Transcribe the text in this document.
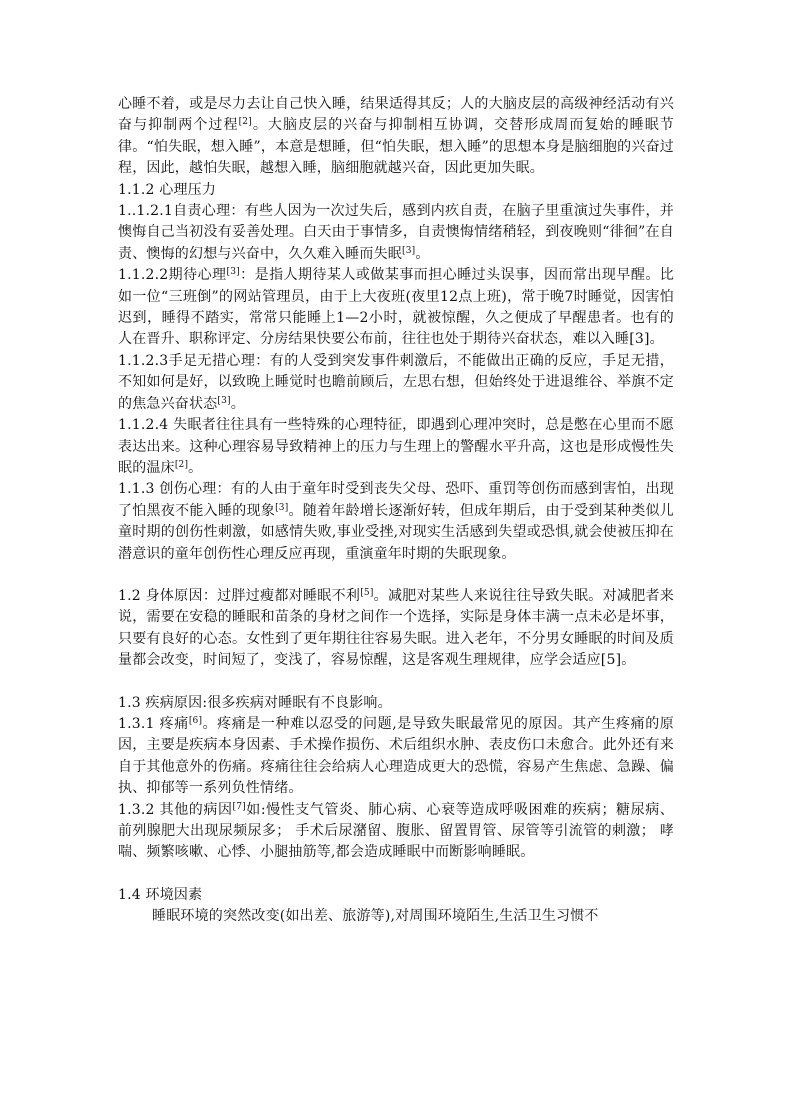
心睡不着，或是尽力去让自己快入睡，结果适得其反；人的大脑皮层的高级神经活动有兴奋与抑制两个过程[2]。大脑皮层的兴奋与抑制相互协调，交替形成周而复始的睡眠节律。“怕失眠，想入睡”，本意是想睡，但“怕失眠，想入睡”的思想本身是脑细胞的兴奋过程，因此，越怕失眠，越想入睡，脑细胞就越兴奋，因此更加失眠。

1.1.2 心理压力

1..1.2.1自责心理：有些人因为一次过失后，感到内疚自责，在脑子里重演过失事件，并懊悔自己当初没有妥善处理。白天由于事情多，自责懊悔情绪稍轻，到夜晚则“徘徊”在自责、懊悔的幻想与兴奋中，久久难入睡而失眠[3]。

1.1.2.2期待心理[3]：是指人期待某人或做某事而担心睡过头误事，因而常出现早醒。比如一位“三班倒”的网站管理员，由于上大夜班(夜里12点上班)，常于晚7时睡觉，因害怕迟到，睡得不踏实，常常只能睡上1—2小时，就被惊醒，久之便成了早醒患者。也有的人在晋升、职称评定、分房结果快要公布前，往往也处于期待兴奋状态，难以入睡[3]。

1.1.2.3手足无措心理：有的人受到突发事件刺激后，不能做出正确的反应，手足无措，不知如何是好，以致晚上睡觉时也瞻前顾后，左思右想，但始终处于进退维谷、举旗不定的焦急兴奋状态[3]。

1.1.2.4 失眠者往往具有一些特殊的心理特征，即遇到心理冲突时，总是憋在心里而不愿表达出来。这种心理容易导致精神上的压力与生理上的警醒水平升高，这也是形成慢性失眠的温床[2]。

1.1.3 创伤心理：有的人由于童年时受到丧失父母、恐吓、重罚等创伤而感到害怕，出现了怕黑夜不能入睡的现象[3]。随着年龄增长逐渐好转，但成年期后，由于受到某种类似儿童时期的创伤性刺激，如感情失败,事业受挫,对现实生活感到失望或恐惧,就会使被压抑在潜意识的童年创伤性心理反应再现，重演童年时期的失眠现象。

1.2 身体原因：过胖过瘦都对睡眠不利[5]。减肥对某些人来说往往导致失眠。对减肥者来说，需要在安稳的睡眠和苗条的身材之间作一个选择，实际是身体丰满一点未必是坏事，只要有良好的心态。女性到了更年期往往容易失眠。进入老年，不分男女睡眠的时间及质量都会改变，时间短了，变浅了，容易惊醒，这是客观生理规律，应学会适应[5]。

1.3 疾病原因:很多疾病对睡眠有不良影响。

1.3.1 疼痛[6]。疼痛是一种难以忍受的问题,是导致失眠最常见的原因。其产生疼痛的原因，主要是疾病本身因素、手术操作损伤、术后组织水肿、表皮伤口未愈合。此外还有来自于其他意外的伤痛。疼痛往往会给病人心理造成更大的恐慌，容易产生焦虑、急躁、偏执、抑郁等一系列负性情绪。

1.3.2 其他的病因[7]如:慢性支气管炎、肺心病、心衰等造成呼吸困难的疾病；糖尿病、前列腺肥大出现尿频尿多； 手术后尿潴留、腹胀、留置胃管、尿管等引流管的刺激； 哮喘、频繁咳嗽、心悸、小腿抽筋等,都会造成睡眠中而断影响睡眠。

1.4 环境因素

睡眠环境的突然改变(如出差、旅游等),对周围环境陌生,生活卫生习惯不
